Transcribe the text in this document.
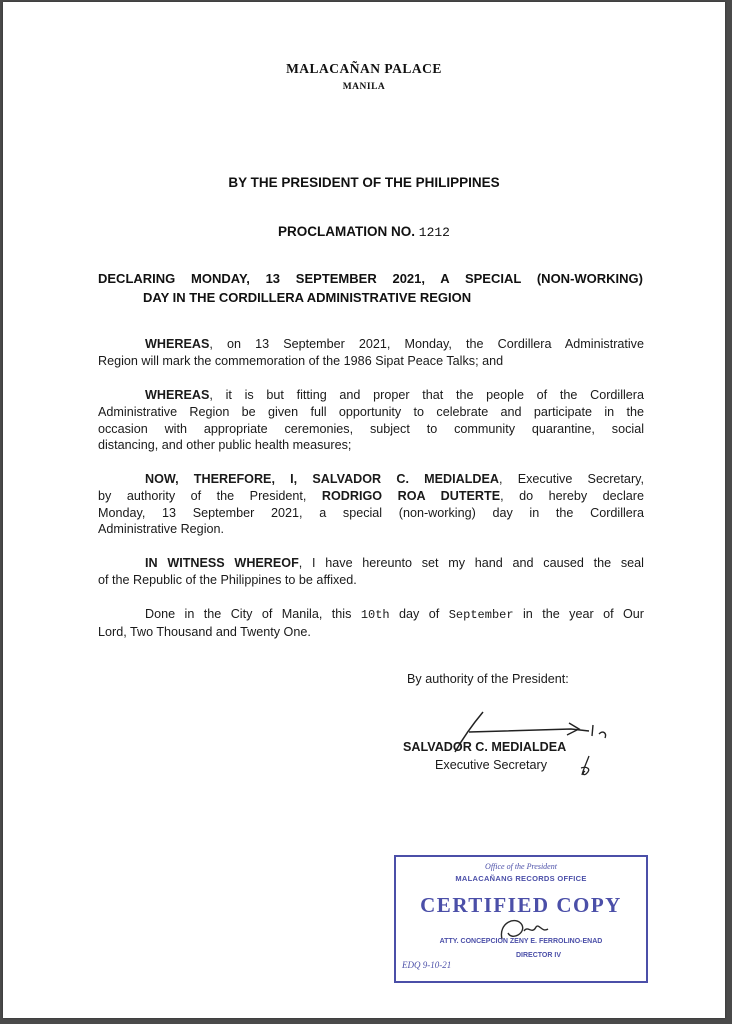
MALACAÑAN PALACE
MANILA
BY THE PRESIDENT OF THE PHILIPPINES
PROCLAMATION NO. 1212
DECLARING MONDAY, 13 SEPTEMBER 2021, A SPECIAL (NON-WORKING)
DAY IN THE CORDILLERA ADMINISTRATIVE REGION
WHEREAS, on 13 September 2021, Monday, the Cordillera Administrative
Region will mark the commemoration of the 1986 Sipat Peace Talks; and
WHEREAS, it is but fitting and proper that the people of the Cordillera
Administrative Region be given full opportunity to celebrate and participate in the
occasion with appropriate ceremonies, subject to community quarantine, social
distancing, and other public health measures;
NOW, THEREFORE, I, SALVADOR C. MEDIALDEA, Executive Secretary,
by authority of the President, RODRIGO ROA DUTERTE, do hereby declare
Monday, 13 September 2021, a special (non-working) day in the Cordillera
Administrative Region.
IN WITNESS WHEREOF, I have hereunto set my hand and caused the seal
of the Republic of the Philippines to be affixed.
Done in the City of Manila, this 10th day of September in the year of Our
Lord, Two Thousand and Twenty One.
By authority of the President:
SALVADOR C. MEDIALDEA
Executive Secretary
Office of the President
MALACAÑANG RECORDS OFFICE
CERTIFIED COPY
ATTY. CONCEPCION ZENY E. FERROLINO-ENAD
DIRECTOR IV
EDQ 9-10-21
